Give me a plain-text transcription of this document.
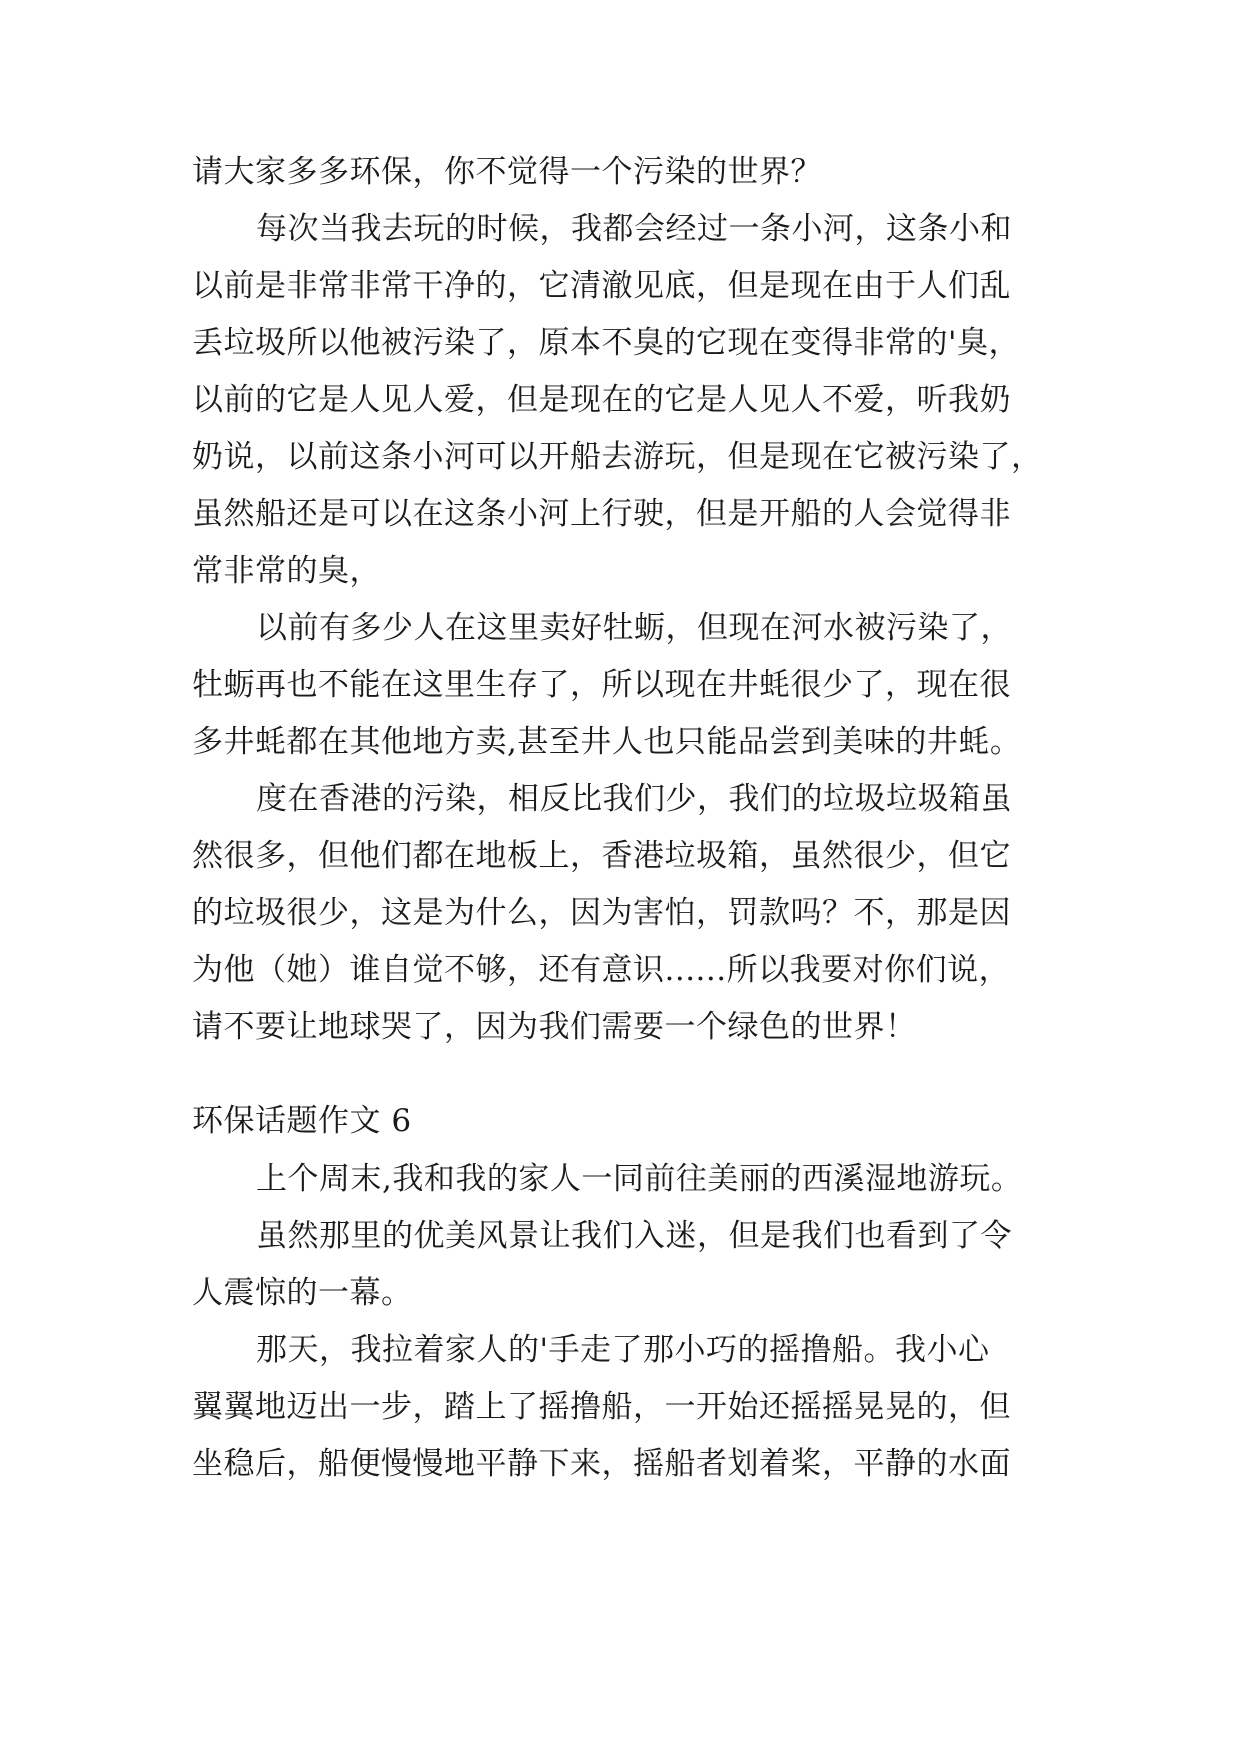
请大家多多环保，你不觉得一个污染的世界？
每次当我去玩的时候，我都会经过一条小河，这条小和
以前是非常非常干净的，它清澈见底，但是现在由于人们乱
丢垃圾所以他被污染了，原本不臭的它现在变得非常的'臭，
以前的它是人见人爱，但是现在的它是人见人不爱，听我奶
奶说，以前这条小河可以开船去游玩，但是现在它被污染了，
虽然船还是可以在这条小河上行驶，但是开船的人会觉得非
常非常的臭，
以前有多少人在这里卖好牡蛎，但现在河水被污染了，
牡蛎再也不能在这里生存了，所以现在井蚝很少了，现在很
多井蚝都在其他地方卖,甚至井人也只能品尝到美味的井蚝。
度在香港的污染，相反比我们少，我们的垃圾垃圾箱虽
然很多，但他们都在地板上，香港垃圾箱，虽然很少，但它
的垃圾很少，这是为什么，因为害怕，罚款吗？不，那是因
为他（她）谁自觉不够，还有意识......所以我要对你们说，
请不要让地球哭了，因为我们需要一个绿色的世界！
环保话题作文 6
上个周末,我和我的家人一同前往美丽的西溪湿地游玩。
虽然那里的优美风景让我们入迷，但是我们也看到了令
人震惊的一幕。
那天，我拉着家人的'手走了那小巧的摇撸船。我小心
翼翼地迈出一步，踏上了摇撸船，一开始还摇摇晃晃的，但
坐稳后，船便慢慢地平静下来，摇船者划着桨，平静的水面
